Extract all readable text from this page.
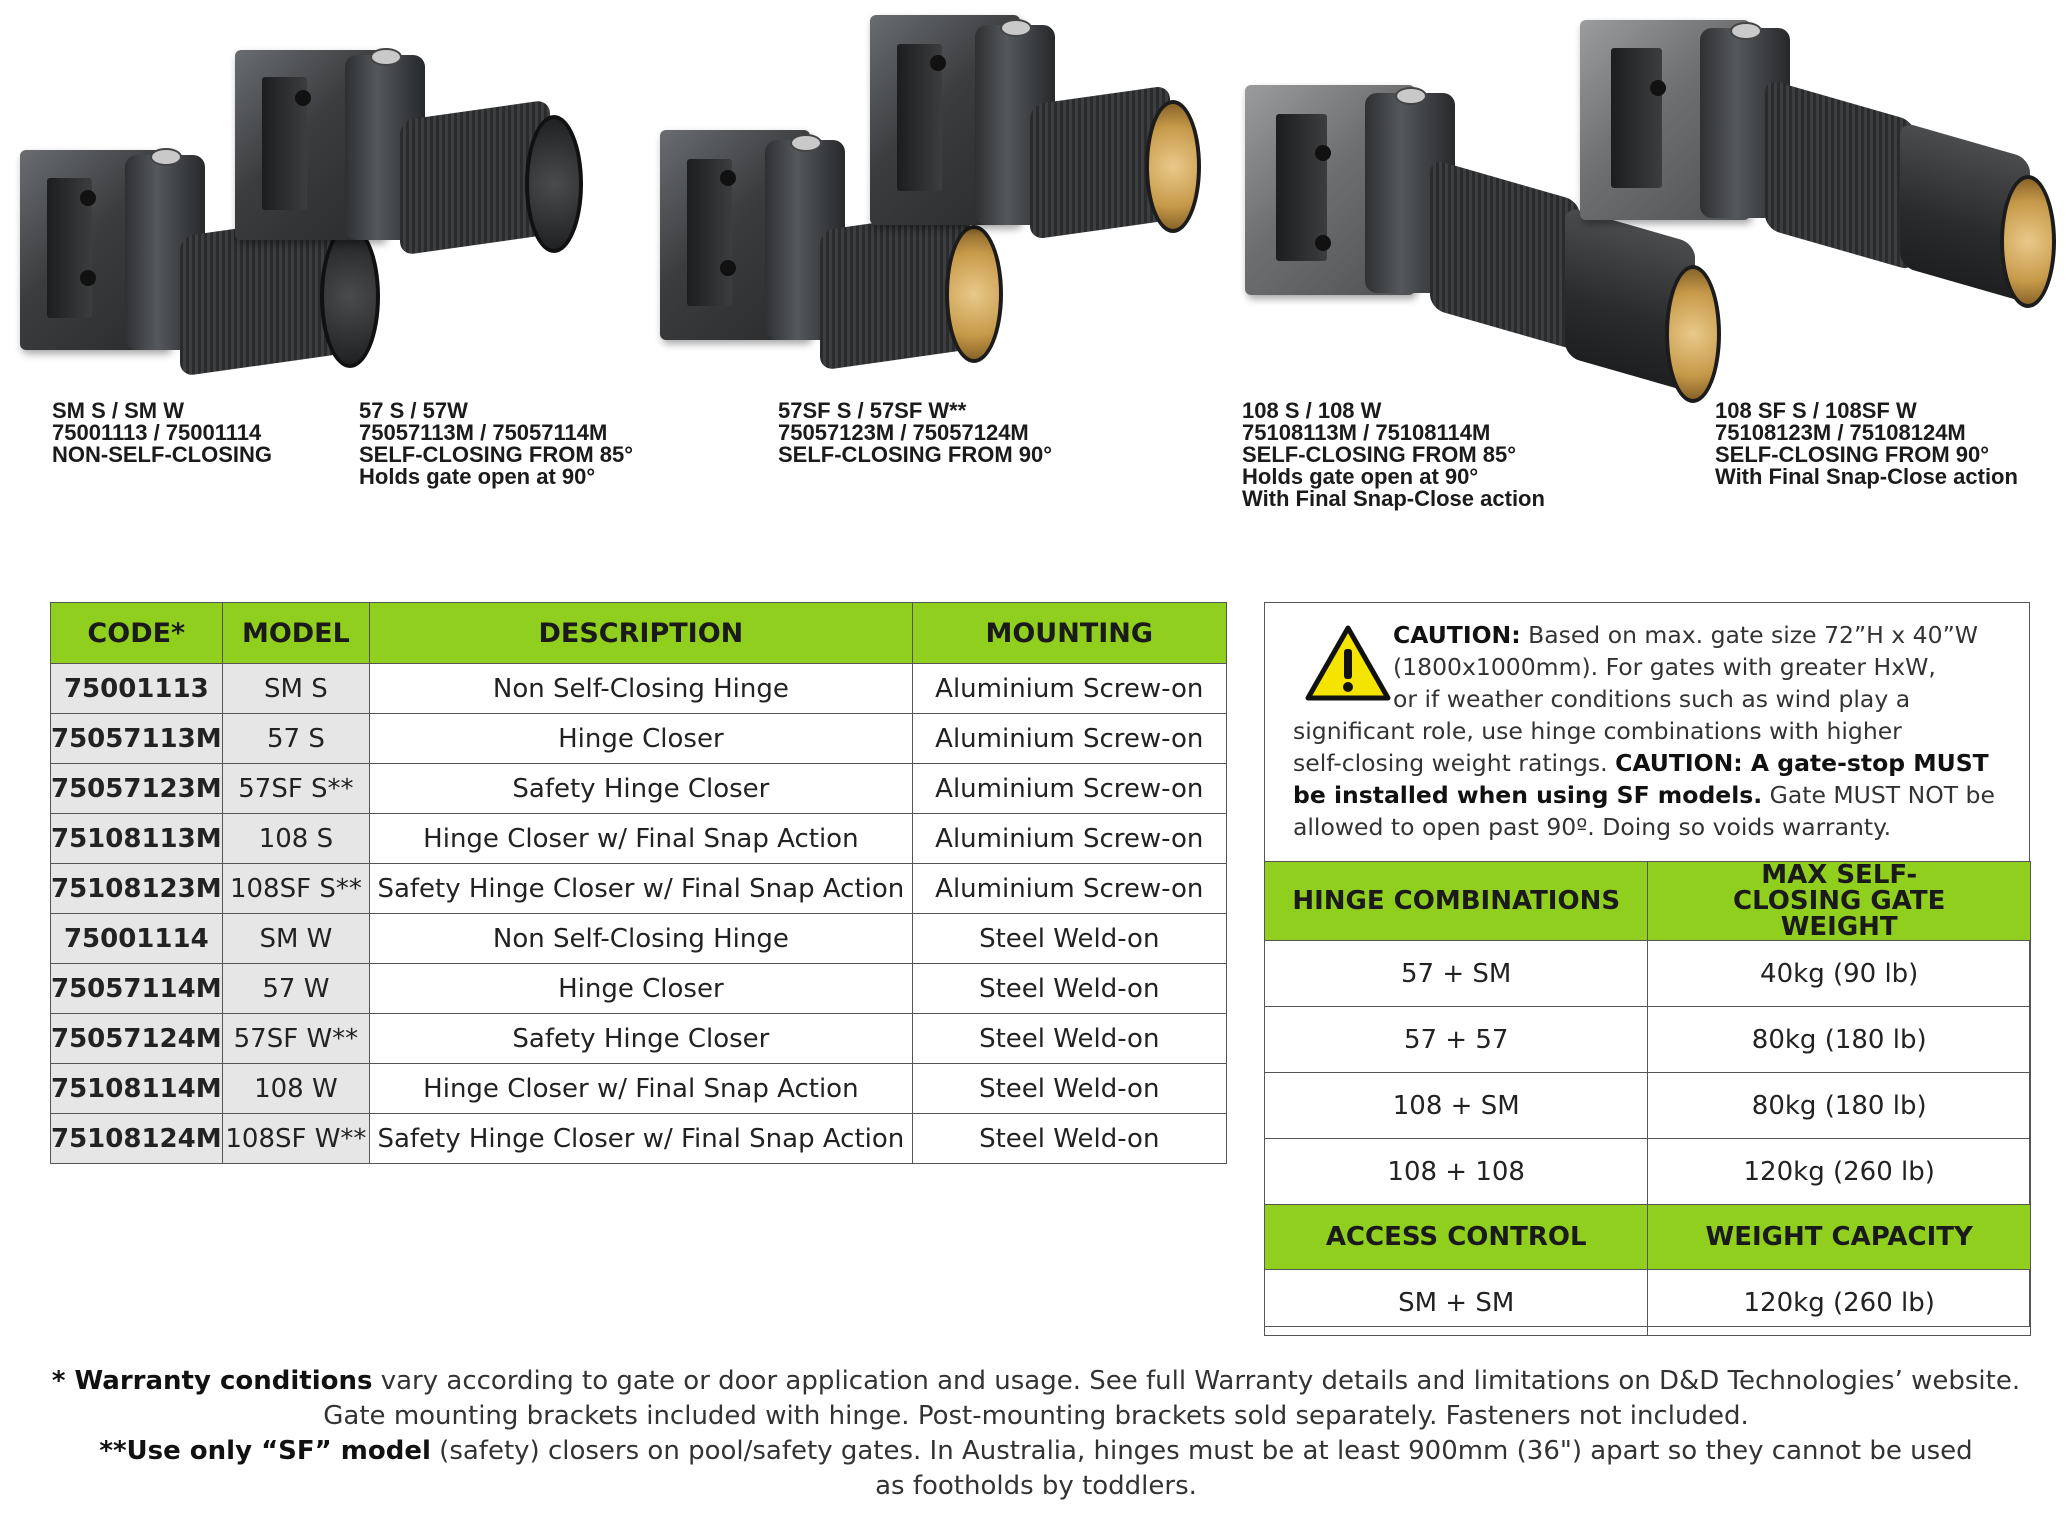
SM S / SM W
75001113 / 75001114
NON-SELF-CLOSING
57 S / 57W
75057113M / 75057114M
SELF-CLOSING FROM 85°
Holds gate open at 90°
57SF S / 57SF W**
75057123M / 75057124M
SELF-CLOSING FROM 90°
108 S / 108 W
75108113M / 75108114M
SELF-CLOSING FROM 85°
Holds gate open at 90°
With Final Snap-Close action
108 SF S / 108SF W
75108123M / 75108124M
SELF-CLOSING FROM 90°
With Final Snap-Close action
CODE*	MODEL	DESCRIPTION	MOUNTING
75001113	SM S	Non Self-Closing Hinge	Aluminium Screw-on
75057113M	57 S	Hinge Closer	Aluminium Screw-on
75057123M	57SF S**	Safety Hinge Closer	Aluminium Screw-on
75108113M	108 S	Hinge Closer w/ Final Snap Action	Aluminium Screw-on
75108123M	108SF S**	Safety Hinge Closer w/ Final Snap Action	Aluminium Screw-on
75001114	SM W	Non Self-Closing Hinge	Steel Weld-on
75057114M	57 W	Hinge Closer	Steel Weld-on
75057124M	57SF W**	Safety Hinge Closer	Steel Weld-on
75108114M	108 W	Hinge Closer w/ Final Snap Action	Steel Weld-on
75108124M	108SF W**	Safety Hinge Closer w/ Final Snap Action	Steel Weld-on
CAUTION: Based on max. gate size 72”H x 40”W
(1800x1000mm). For gates with greater HxW,
or if weather conditions such as wind play a
significant role, use hinge combinations with higher
self-closing weight ratings. CAUTION: A gate-stop MUST
be installed when using SF models. Gate MUST NOT be
allowed to open past 90º. Doing so voids warranty.
HINGE COMBINATIONS	MAX SELF-CLOSING GATE WEIGHT
57 + SM	40kg (90 lb)
57 + 57	80kg (180 lb)
108 + SM	80kg (180 lb)
108 + 108	120kg (260 lb)
ACCESS CONTROL	WEIGHT CAPACITY
SM + SM	120kg (260 lb)
* Warranty conditions vary according to gate or door application and usage. See full Warranty details and limitations on D&D Technologies’ website.
Gate mounting brackets included with hinge. Post-mounting brackets sold separately. Fasteners not included.
**Use only “SF” model (safety) closers on pool/safety gates. In Australia, hinges must be at least 900mm (36") apart so they cannot be used
as footholds by toddlers.
